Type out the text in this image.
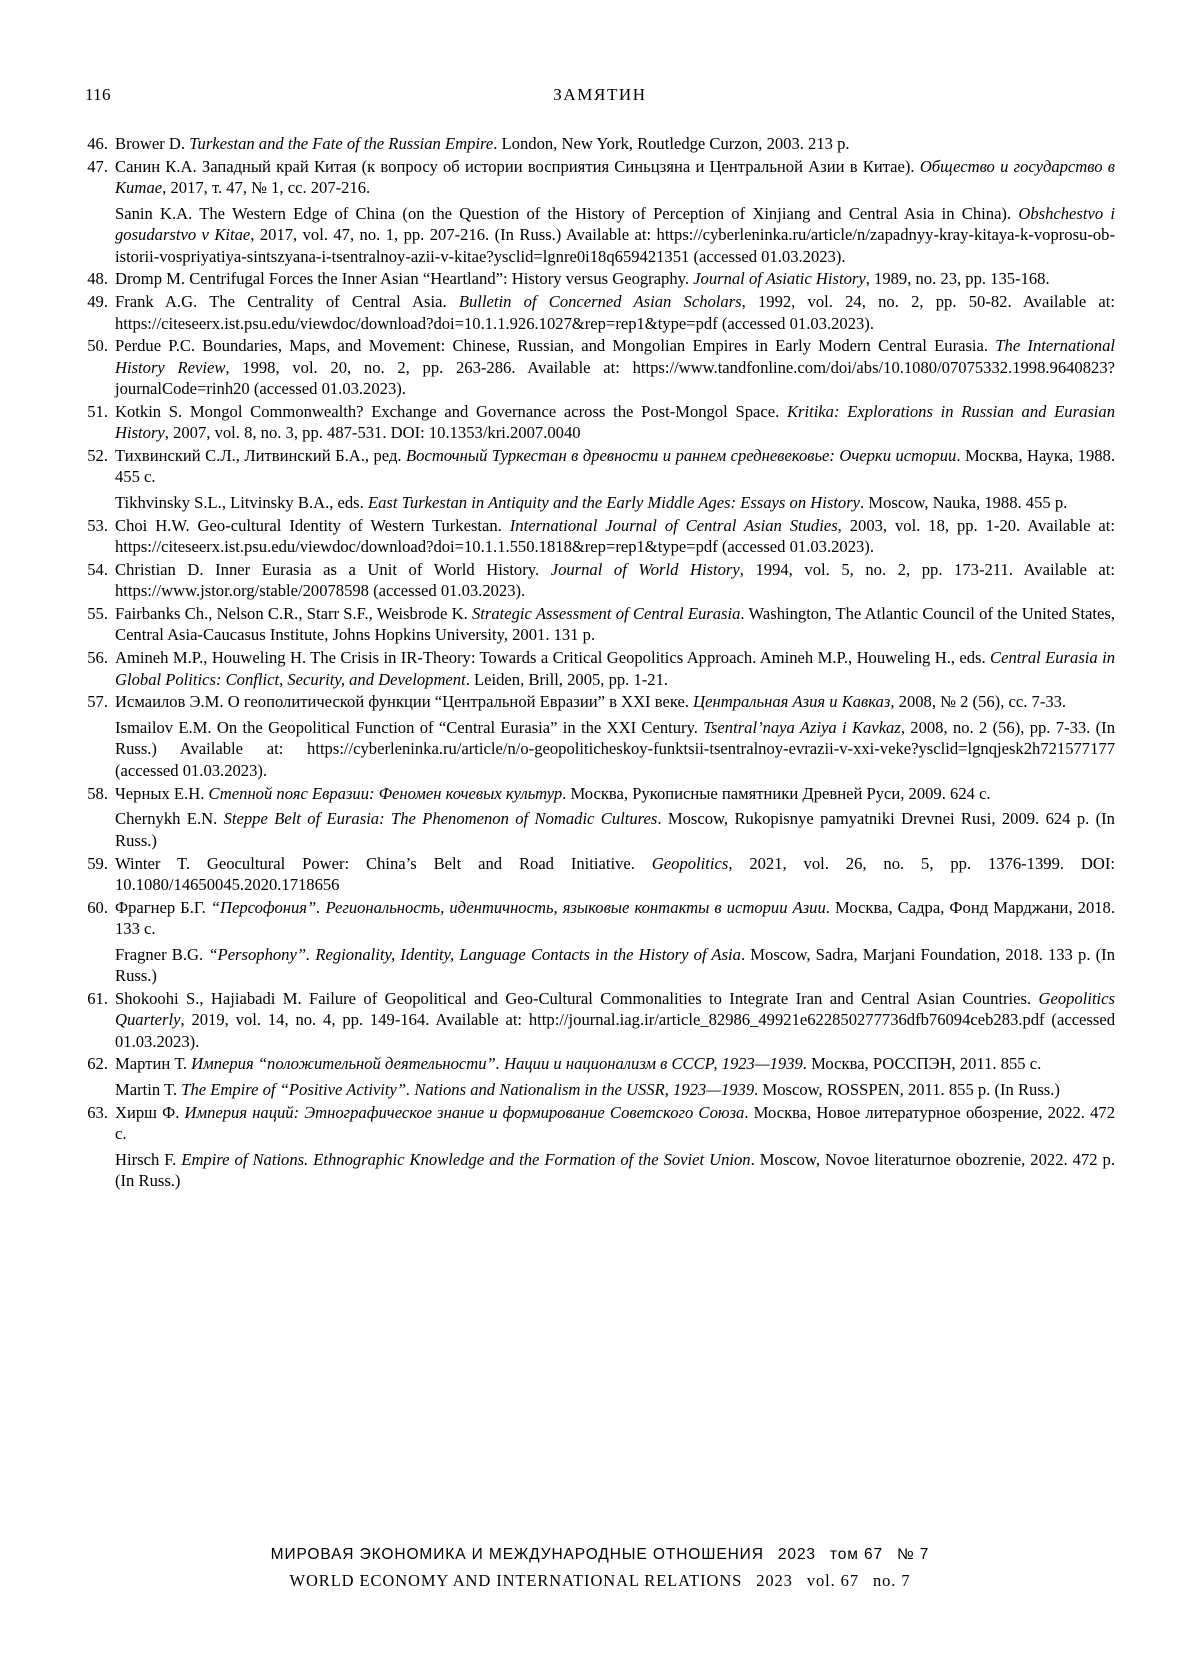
116	ЗАМЯТИН
46. Brower D. Turkestan and the Fate of the Russian Empire. London, New York, Routledge Curzon, 2003. 213 p.
47. Санин К.А. Западный край Китая (к вопросу об истории восприятия Синьцзяна и Центральной Азии в Китае). Общество и государство в Китае, 2017, т. 47, № 1, сс. 207-216.
Sanin K.A. The Western Edge of China (on the Question of the History of Perception of Xinjiang and Central Asia in China). Obshchestvo i gosudarstvo v Kitae, 2017, vol. 47, no. 1, pp. 207-216. (In Russ.) Available at: https://cyberleninka.ru/article/n/zapadnyy-kray-kitaya-k-voprosu-ob-istorii-vospriyatiya-sintszyana-i-tsentralnoy-azii-v-kitae?ysclid=lgnre0i18q659421351 (accessed 01.03.2023).
48. Dromp M. Centrifugal Forces the Inner Asian “Heartland”: History versus Geography. Journal of Asiatic History, 1989, no. 23, pp. 135-168.
49. Frank A.G. The Centrality of Central Asia. Bulletin of Concerned Asian Scholars, 1992, vol. 24, no. 2, pp. 50-82. Available at: https://citeseerx.ist.psu.edu/viewdoc/download?doi=10.1.1.926.1027&rep=rep1&type=pdf (accessed 01.03.2023).
50. Perdue P.C. Boundaries, Maps, and Movement: Chinese, Russian, and Mongolian Empires in Early Modern Central Eurasia. The International History Review, 1998, vol. 20, no. 2, pp. 263-286. Available at: https://www.tandfonline.com/doi/abs/10.1080/07075332.1998.9640823?journalCode=rinh20 (accessed 01.03.2023).
51. Kotkin S. Mongol Commonwealth? Exchange and Governance across the Post-Mongol Space. Kritika: Explorations in Russian and Eurasian History, 2007, vol. 8, no. 3, pp. 487-531. DOI: 10.1353/kri.2007.0040
52. Тихвинский С.Л., Литвинский Б.А., ред. Восточный Туркестан в древности и раннем средневековье: Очерки истории. Москва, Наука, 1988. 455 с.
Tikhvinsky S.L., Litvinsky B.A., eds. East Turkestan in Antiquity and the Early Middle Ages: Essays on History. Moscow, Nauka, 1988. 455 p.
53. Choi H.W. Geo-cultural Identity of Western Turkestan. International Journal of Central Asian Studies, 2003, vol. 18, pp. 1-20. Available at: https://citeseerx.ist.psu.edu/viewdoc/download?doi=10.1.1.550.1818&rep=rep1&type=pdf (accessed 01.03.2023).
54. Christian D. Inner Eurasia as a Unit of World History. Journal of World History, 1994, vol. 5, no. 2, pp. 173-211. Available at: https://www.jstor.org/stable/20078598 (accessed 01.03.2023).
55. Fairbanks Ch., Nelson C.R., Starr S.F., Weisbrode K. Strategic Assessment of Central Eurasia. Washington, The Atlantic Council of the United States, Central Asia-Caucasus Institute, Johns Hopkins University, 2001. 131 p.
56. Amineh M.P., Houweling H. The Crisis in IR-Theory: Towards a Critical Geopolitics Approach. Amineh M.P., Houweling H., eds. Central Eurasia in Global Politics: Conflict, Security, and Development. Leiden, Brill, 2005, pp. 1-21.
57. Исмаилов Э.М. О геополитической функции “Центральной Евразии” в XXI веке. Центральная Азия и Кавказ, 2008, № 2 (56), сс. 7-33.
Ismailov E.M. On the Geopolitical Function of “Central Eurasia” in the XXI Century. Tsentral’naya Aziya i Kavkaz, 2008, no. 2 (56), pp. 7-33. (In Russ.) Available at: https://cyberleninka.ru/article/n/o-geopoliticheskoy-funktsii-tsentralnoy-evrazii-v-xxi-veke?ysclid=lgnqjesk2h721577177 (accessed 01.03.2023).
58. Черных Е.Н. Степной пояс Евразии: Феномен кочевых культур. Москва, Рукописные памятники Древней Руси, 2009. 624 с.
Chernykh E.N. Steppe Belt of Eurasia: The Phenomenon of Nomadic Cultures. Moscow, Rukopisnye pamyatniki Drevnei Rusi, 2009. 624 p. (In Russ.)
59. Winter T. Geocultural Power: China’s Belt and Road Initiative. Geopolitics, 2021, vol. 26, no. 5, pp. 1376-1399. DOI: 10.1080/14650045.2020.1718656
60. Фрагнер Б.Г. “Персофония”. Региональность, идентичность, языковые контакты в истории Азии. Москва, Садра, Фонд Марджани, 2018. 133 с.
Fragner B.G. “Persophony”. Regionality, Identity, Language Contacts in the History of Asia. Moscow, Sadra, Marjani Foundation, 2018. 133 p. (In Russ.)
61. Shokoohi S., Hajiabadi M. Failure of Geopolitical and Geo-Cultural Commonalities to Integrate Iran and Central Asian Countries. Geopolitics Quarterly, 2019, vol. 14, no. 4, pp. 149-164. Available at: http://journal.iag.ir/article_82986_49921e622850277736dfb76094ceb283.pdf (accessed 01.03.2023).
62. Мартин Т. Империя “положительной деятельности”. Нации и национализм в СССР, 1923—1939. Москва, РОССПЭН, 2011. 855 с.
Martin T. The Empire of “Positive Activity”. Nations and Nationalism in the USSR, 1923—1939. Moscow, ROSSPEN, 2011. 855 p. (In Russ.)
63. Хирш Ф. Империя наций: Этнографическое знание и формирование Советского Союза. Москва, Новое литературное обозрение, 2022. 472 с.
Hirsch F. Empire of Nations. Ethnographic Knowledge and the Formation of the Soviet Union. Moscow, Novoe literaturnoe obozrenie, 2022. 472 p. (In Russ.)
МИРОВАЯ ЭКОНОМИКА И МЕЖДУНАРОДНЫЕ ОТНОШЕНИЯ 2023 том 67 № 7
WORLD ECONOMY AND INTERNATIONAL RELATIONS 2023 vol. 67 no. 7
